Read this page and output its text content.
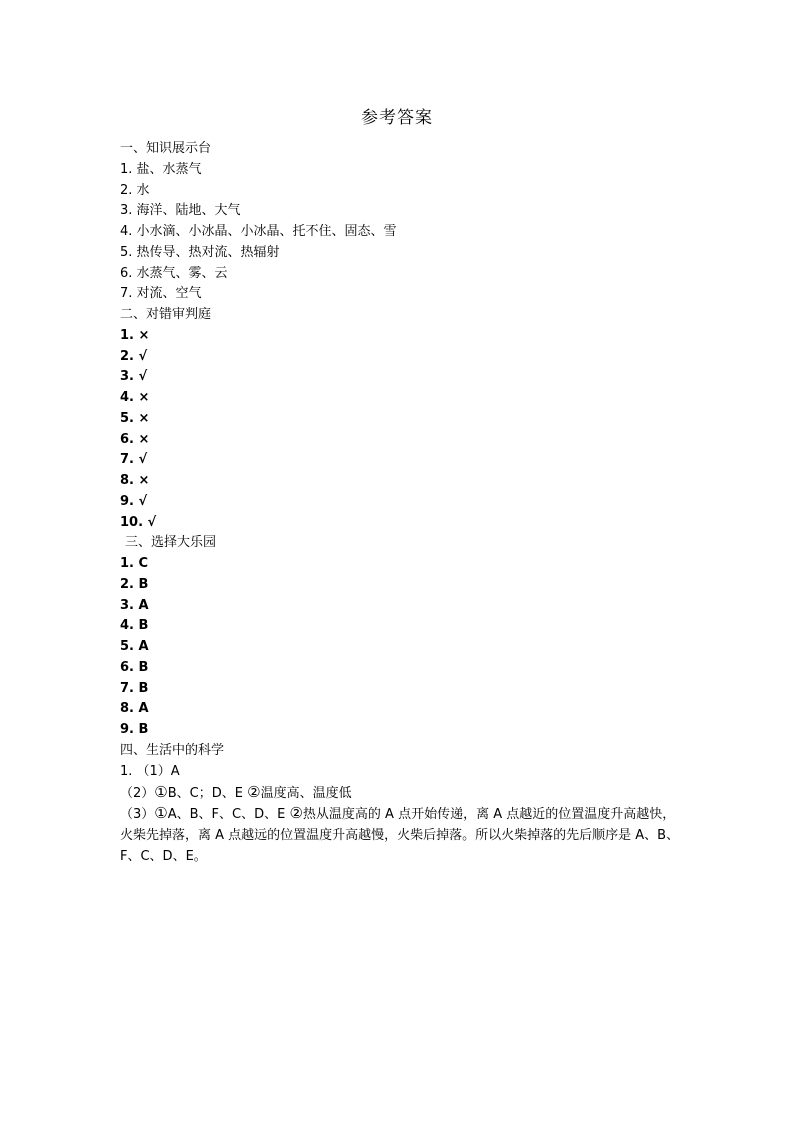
参考答案
一、知识展示台
1. 盐、水蒸气
2. 水
3. 海洋、陆地、大气
4. 小水滴、小冰晶、小冰晶、托不住、固态、雪
5. 热传导、热对流、热辐射
6. 水蒸气、雾、云
7. 对流、空气
二、对错审判庭
1. ×
2. √
3. √
4. ×
5. ×
6. ×
7. √
8. ×
9. √
10. √
三、选择大乐园
1. C
2. B
3. A
4. B
5. A
6. B
7. B
8. A
9. B
四、生活中的科学
1. （1）A
（2）①B、C；D、E ②温度高、温度低
（3）①A、B、F、C、D、E ②热从温度高的 A 点开始传递，离 A 点越近的位置温度升高越快，火柴先掉落，离 A 点越远的位置温度升高越慢，火柴后掉落。所以火柴掉落的先后顺序是 A、B、F、C、D、E。
